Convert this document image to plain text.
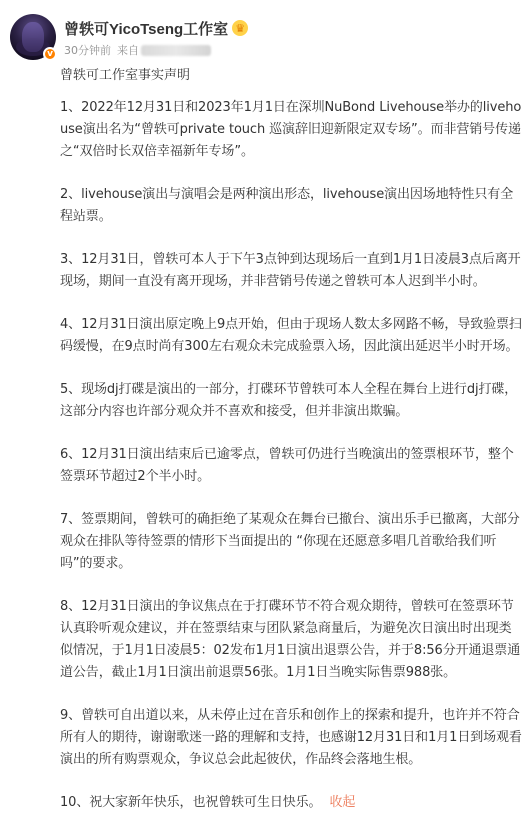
v
曾轶可YicoTseng工作室 ♛
30分钟前 来自
曾轶可工作室事实声明

1、2022年12月31日和2023年1月1日在深圳NuBond Livehouse举办的livehouse演出名为“曾轶可private touch 巡演辞旧迎新限定双专场”。而非营销号传递之“双倍时长双倍幸福新年专场”。

2、livehouse演出与演唱会是两种演出形态，livehouse演出因场地特性只有全程站票。

3、12月31日，曾轶可本人于下午3点钟到达现场后一直到1月1日凌晨3点后离开现场，期间一直没有离开现场，并非营销号传递之曾轶可本人迟到半小时。

4、12月31日演出原定晚上9点开始，但由于现场人数太多网路不畅，导致验票扫码缓慢，在9点时尚有300左右观众未完成验票入场，因此演出延迟半小时开场。

5、现场dj打碟是演出的一部分，打碟环节曾轶可本人全程在舞台上进行dj打碟，这部分内容也许部分观众并不喜欢和接受，但并非演出欺骗。

6、12月31日演出结束后已逾零点，曾轶可仍进行当晚演出的签票根环节，整个签票环节超过2个半小时。

7、签票期间，曾轶可的确拒绝了某观众在舞台已撤台、演出乐手已撤离，大部分观众在排队等待签票的情形下当面提出的 “你现在还愿意多唱几首歌给我们听吗”的要求。

8、12月31日演出的争议焦点在于打碟环节不符合观众期待，曾轶可在签票环节认真聆听观众建议，并在签票结束与团队紧急商量后，为避免次日演出时出现类似情况，于1月1日凌晨5：02发布1月1日演出退票公告，并于8:56分开通退票通道公告，截止1月1日演出前退票56张。1月1日当晚实际售票988张。

9、曾轶可自出道以来，从未停止过在音乐和创作上的探索和提升，也许并不符合所有人的期待，谢谢歌迷一路的理解和支持，也感谢12月31日和1月1日到场观看演出的所有购票观众，争议总会此起彼伏，作品终会落地生根。

10、祝大家新年快乐，也祝曾轶可生日快乐。 收起
